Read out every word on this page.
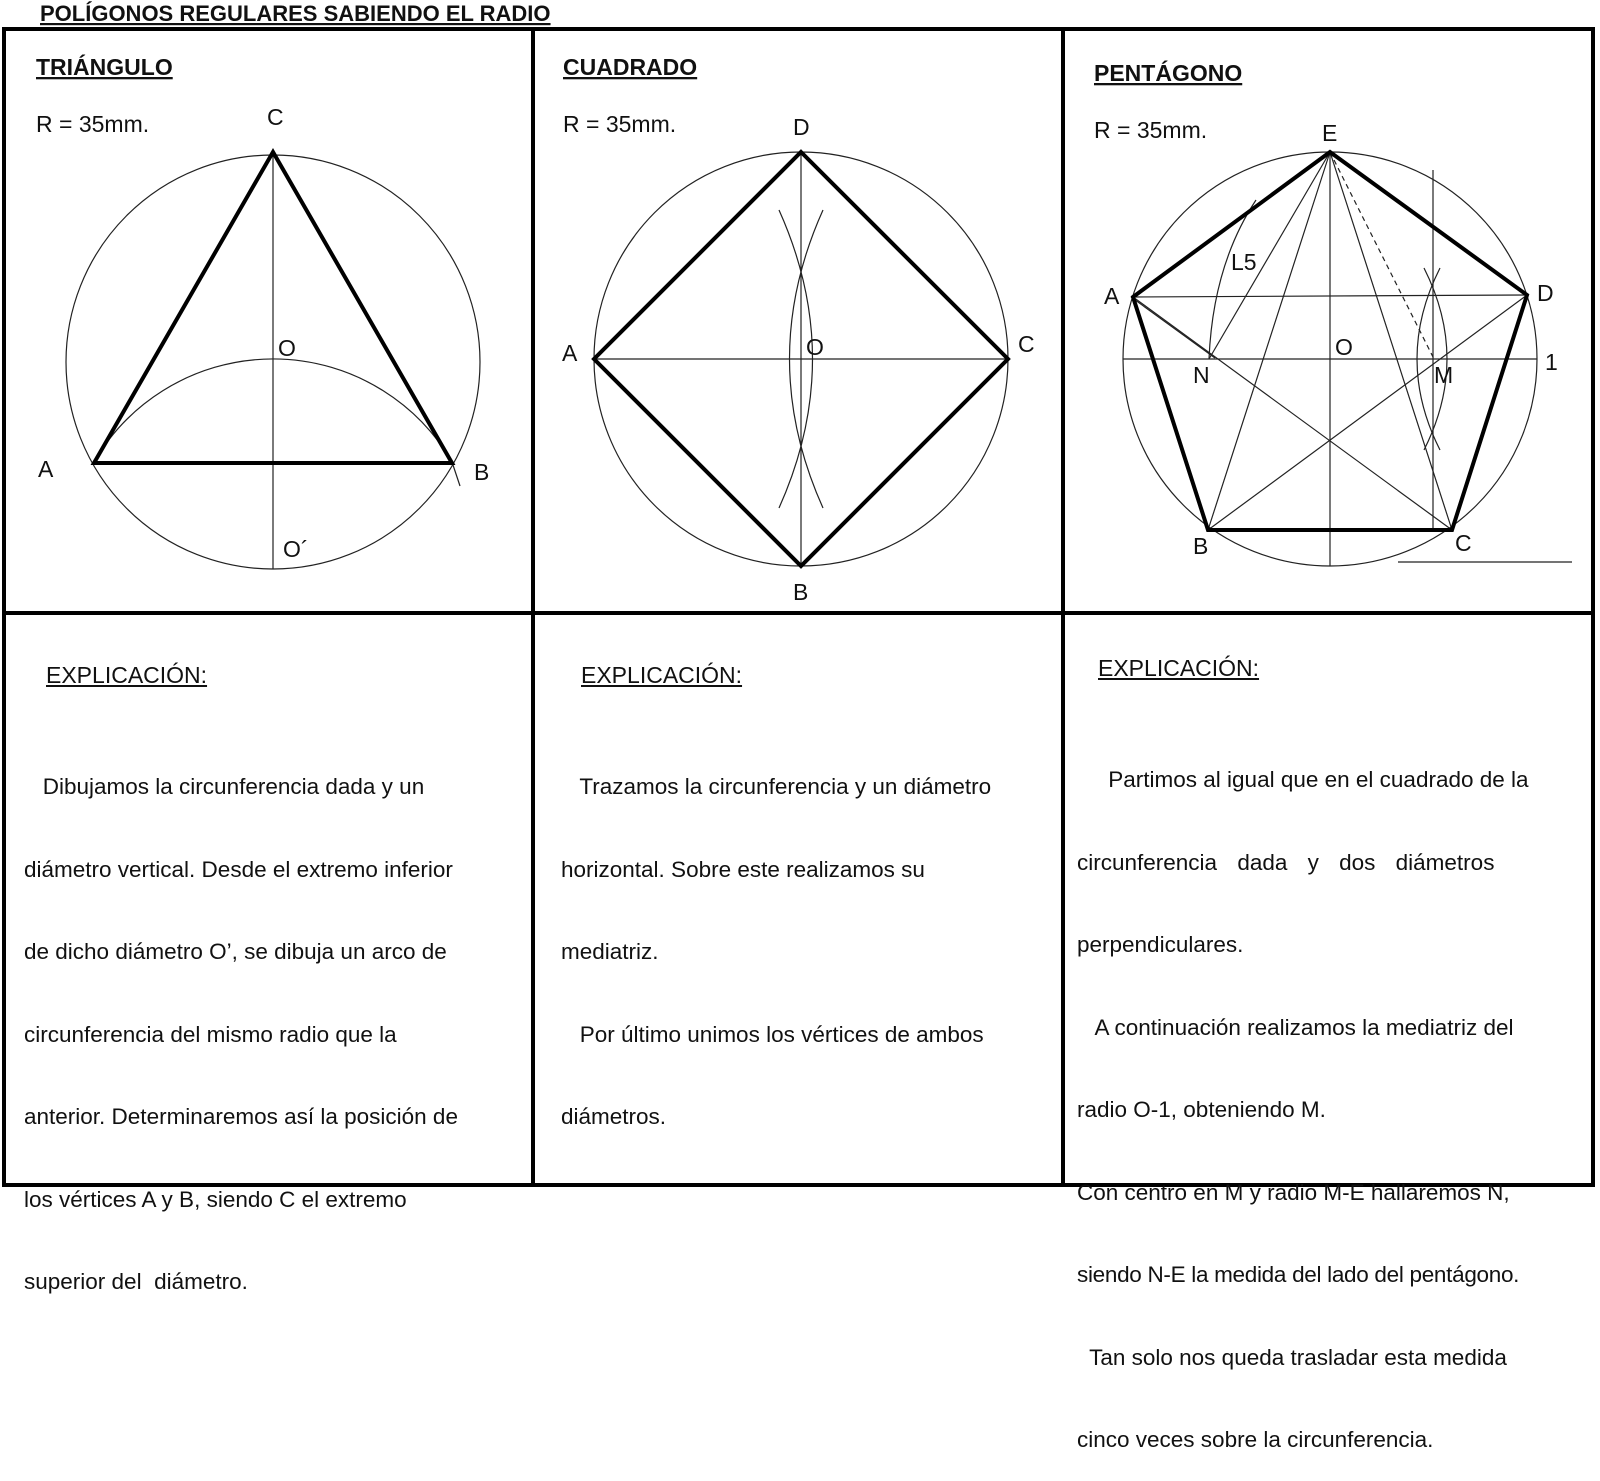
POLÍGONOS REGULARES SABIENDO EL RADIO
TRIÁNGULO
R = 35mm.	C
O
A	B
O´
CUADRADO
R = 35mm.	D
A	O	C
B
PENTÁGONO
R = 35mm.	E
L5
A	D
O
N	M	1
B	C
EXPLICACIÓN:

Dibujamos la circunferencia dada y un

diámetro vertical. Desde el extremo inferior

de dicho diámetro O’, se dibuja un arco de

circunferencia del mismo radio que la

anterior. Determinaremos así la posición de

los vértices A y B, siendo C el extremo

superior del  diámetro.

EXPLICACIÓN:

Trazamos la circunferencia y un diámetro

horizontal. Sobre este realizamos su

mediatriz.

Por último unimos los vértices de ambos

diámetros.

EXPLICACIÓN:

Partimos al igual que en el cuadrado de la

circunferencia dada y dos diámetros

perpendiculares.

A continuación realizamos la mediatriz del

radio O-1, obteniendo M.

Con centro en M y radio M-E hallaremos N,

siendo N-E la medida del lado del pentágono.

Tan solo nos queda trasladar esta medida

cinco veces sobre la circunferencia.
